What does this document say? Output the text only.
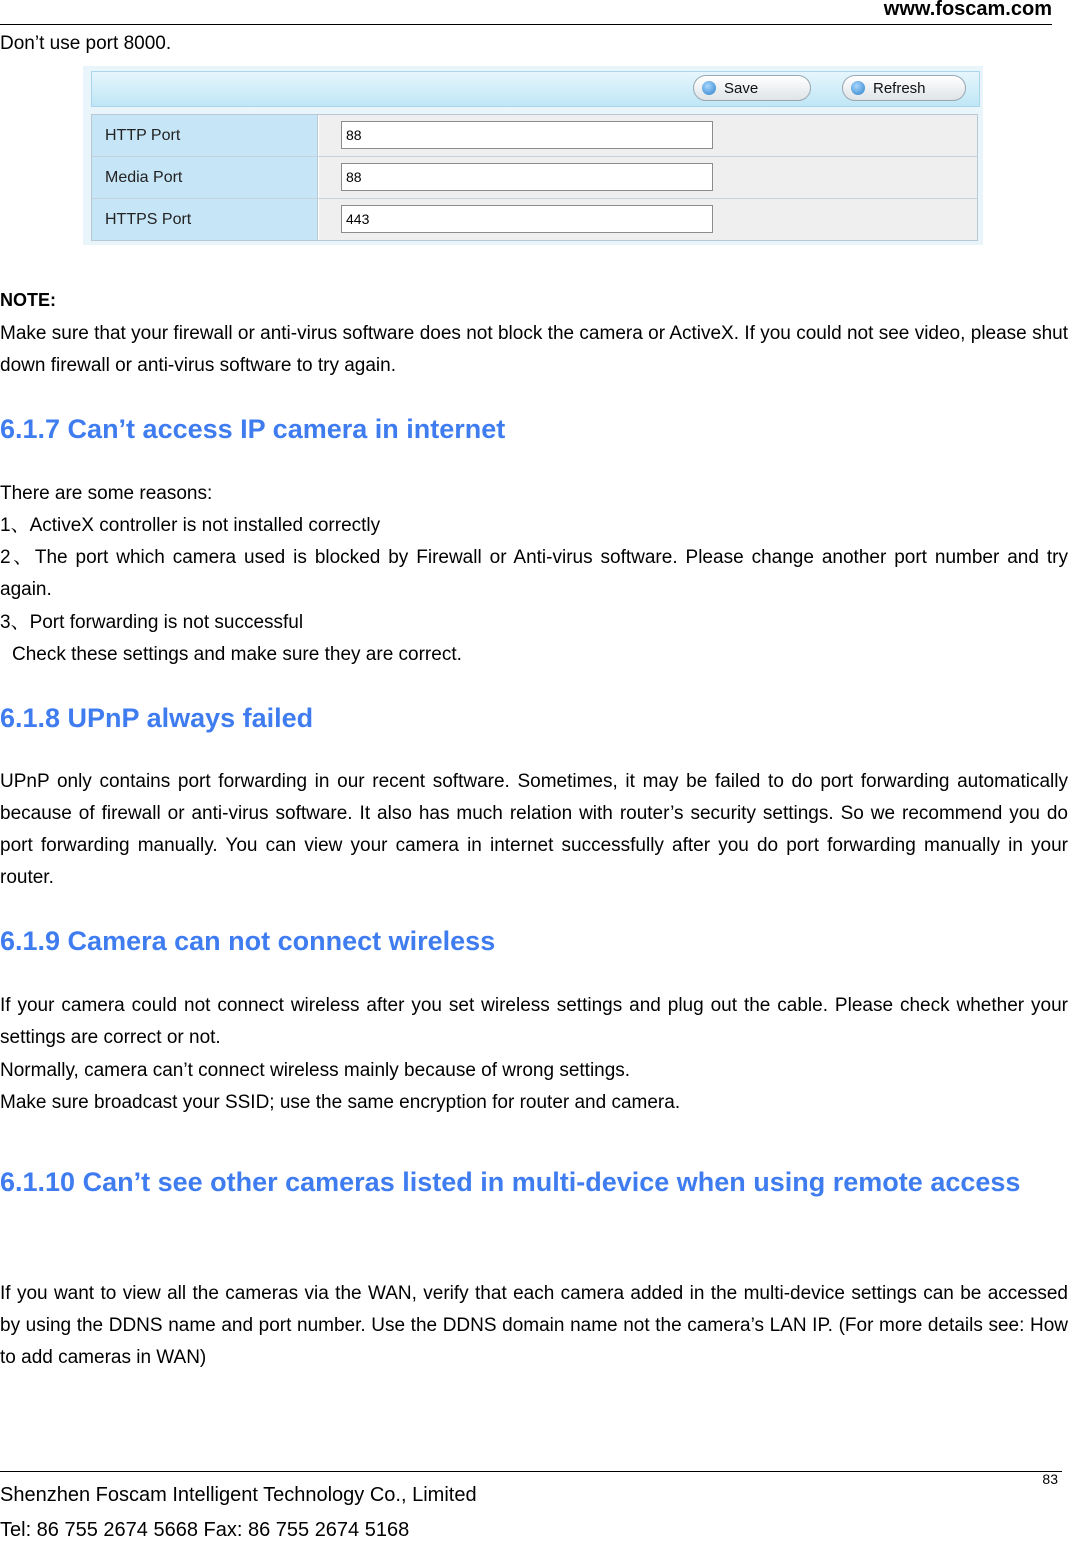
www.foscam.com
Don’t use port 8000.
Save	Refresh
HTTP Port
88
Media Port
88
HTTPS Port
443
NOTE:
Make sure that your firewall or anti-virus software does not block the camera or ActiveX. If you could not see video, please shut down firewall or anti-virus software to try again.
6.1.7 Can’t access IP camera in internet
There are some reasons:
1、ActiveX controller is not installed correctly
2、The port which camera used is blocked by Firewall or Anti-virus software. Please change another port number and try again.
3、Port forwarding is not successful
Check these settings and make sure they are correct.
6.1.8 UPnP always failed
UPnP only contains port forwarding in our recent software. Sometimes, it may be failed to do port forwarding automatically because of firewall or anti-virus software. It also has much relation with router’s security settings. So we recommend you do port forwarding manually. You can view your camera in internet successfully after you do port forwarding manually in your router.
6.1.9 Camera can not connect wireless
If your camera could not connect wireless after you set wireless settings and plug out the cable. Please check whether your settings are correct or not.
Normally, camera can’t connect wireless mainly because of wrong settings.
Make sure broadcast your SSID; use the same encryption for router and camera.
6.1.10 Can’t see other cameras listed in multi-device when using remote access
If you want to view all the cameras via the WAN, verify that each camera added in the multi-device settings can be accessed by using the DDNS name and port number. Use the DDNS domain name not the camera’s LAN IP. (For more details see: How to add cameras in WAN)
83
Shenzhen Foscam Intelligent Technology Co., Limited
Tel: 86 755 2674 5668 Fax: 86 755 2674 5168
